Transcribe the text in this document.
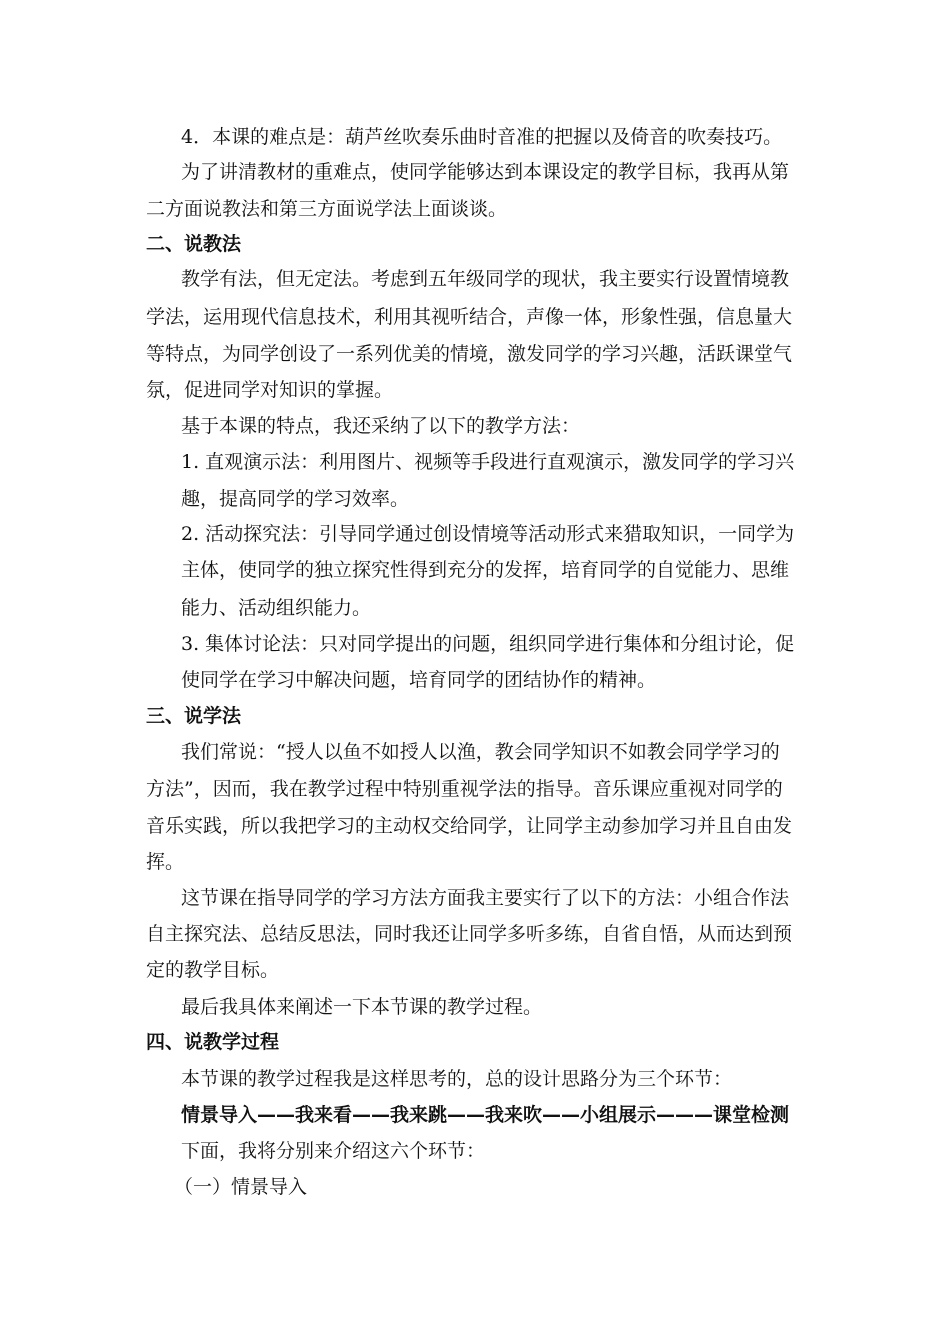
4．本课的难点是：葫芦丝吹奏乐曲时音准的把握以及倚音的吹奏技巧。
为了讲清教材的重难点，使同学能够达到本课设定的教学目标，我再从第
二方面说教法和第三方面说学法上面谈谈。
二、说教法
教学有法，但无定法。考虑到五年级同学的现状，我主要实行设置情境教
学法，运用现代信息技术，利用其视听结合，声像一体，形象性强，信息量大
等特点，为同学创设了一系列优美的情境，激发同学的学习兴趣，活跃课堂气
氛，促进同学对知识的掌握。
基于本课的特点，我还采纳了以下的教学方法：
1. 直观演示法：利用图片、视频等手段进行直观演示，激发同学的学习兴
趣，提高同学的学习效率。
2. 活动探究法：引导同学通过创设情境等活动形式来猎取知识，一同学为
主体，使同学的独立探究性得到充分的发挥，培育同学的自觉能力、思维
能力、活动组织能力。
3. 集体讨论法：只对同学提出的问题，组织同学进行集体和分组讨论，促
使同学在学习中解决问题，培育同学的团结协作的精神。
三、说学法
我们常说：“授人以鱼不如授人以渔，教会同学知识不如教会同学学习的
方法”，因而，我在教学过程中特别重视学法的指导。音乐课应重视对同学的
音乐实践，所以我把学习的主动权交给同学，让同学主动参加学习并且自由发
挥。
这节课在指导同学的学习方法方面我主要实行了以下的方法：小组合作法
自主探究法、总结反思法，同时我还让同学多听多练，自省自悟，从而达到预
定的教学目标。
最后我具体来阐述一下本节课的教学过程。
四、说教学过程
本节课的教学过程我是这样思考的，总的设计思路分为三个环节：
情景导入——我来看——我来跳——我来吹——小组展示———课堂检测
下面，我将分别来介绍这六个环节：
（一）情景导入
